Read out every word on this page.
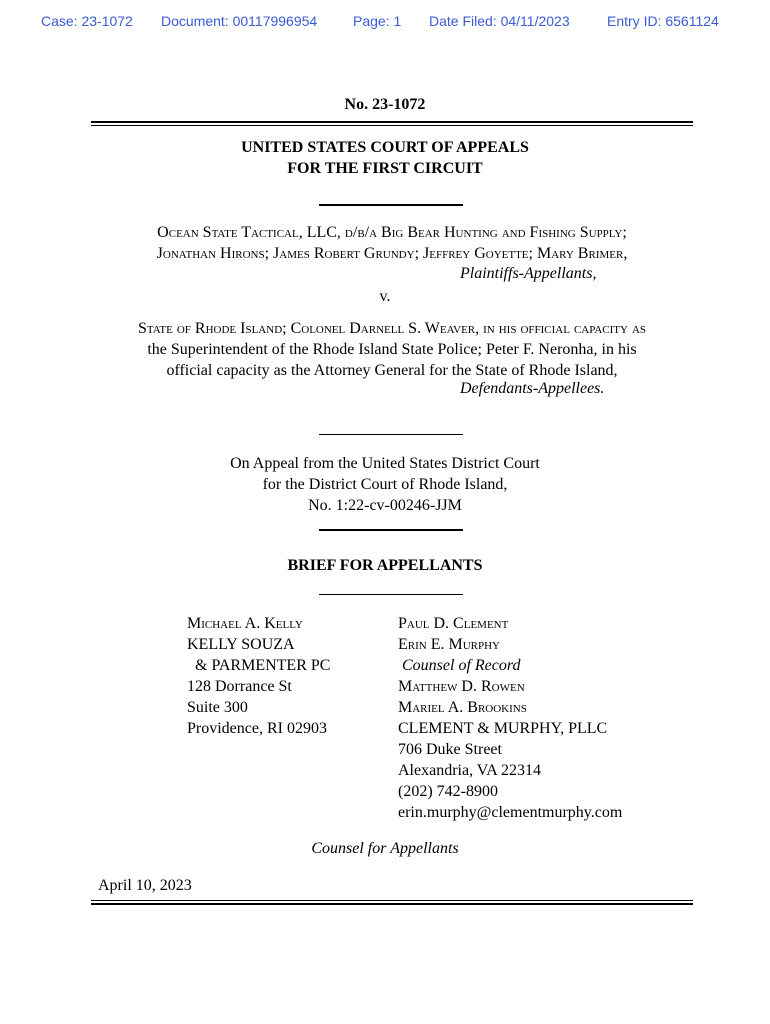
Case: 23-1072 Document: 00117996954	Page: 1 Date Filed: 04/11/2023	Entry ID: 6561124
No. 23-1072
UNITED STATES COURT OF APPEALS
FOR THE FIRST CIRCUIT
Ocean State Tactical, LLC, d/b/a Big Bear Hunting and Fishing Supply;
Jonathan Hirons; James Robert Grundy; Jeffrey Goyette; Mary Brimer,
Plaintiffs-Appellants,
v.
State of Rhode Island; Colonel Darnell S. Weaver, in his official capacity as
the Superintendent of the Rhode Island State Police; Peter F. Neronha, in his
official capacity as the Attorney General for the State of Rhode Island,
Defendants-Appellees.
On Appeal from the United States District Court
for the District Court of Rhode Island,
No. 1:22-cv-00246-JJM
BRIEF FOR APPELLANTS
Michael A. Kelly
KELLY SOUZA
& PARMENTER PC
128 Dorrance St
Suite 300
Providence, RI 02903
Paul D. Clement
Erin E. Murphy
Counsel of Record
Matthew D. Rowen
Mariel A. Brookins
CLEMENT & MURPHY, PLLC
706 Duke Street
Alexandria, VA 22314
(202) 742-8900
erin.murphy@clementmurphy.com
Counsel for Appellants
April 10, 2023
